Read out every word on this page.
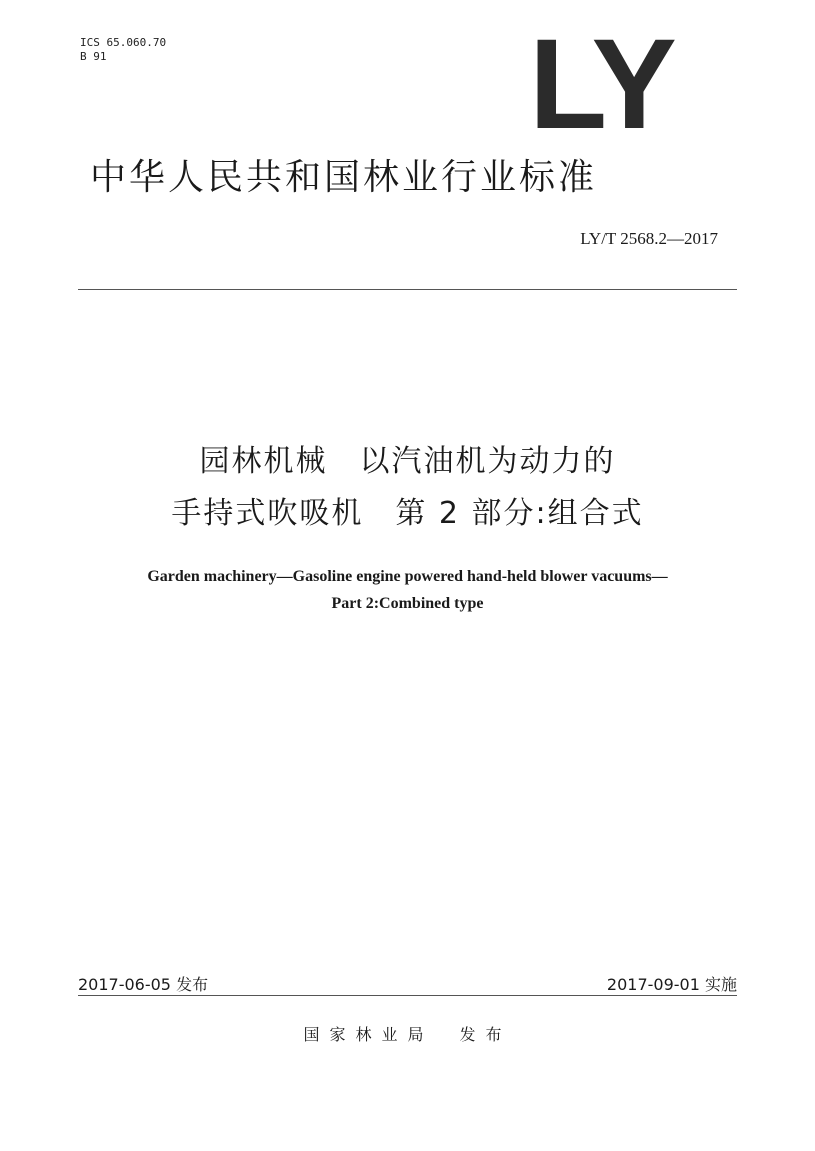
ICS 65.060.70
B 91	LY
中华人民共和国林业行业标准
LY/T 2568.2—2017
园林机械　以汽油机为动力的
手持式吹吸机　第 2 部分:组合式
Garden machinery—Gasoline engine powered hand-held blower vacuums—
Part 2:Combined type
2017-06-05 发布	2017-09-01 实施
国家林业局　发布
